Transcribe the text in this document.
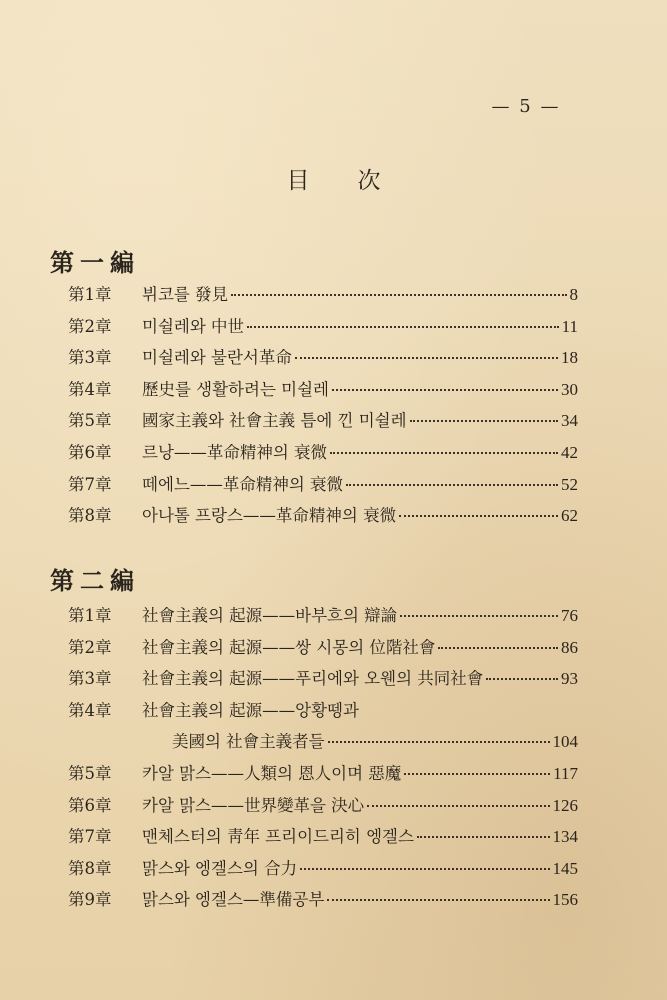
— 5 —
目次
第一編
第1章	뷔코를 發見	8
第2章	미쉴레와 中世	11
第3章	미쉴레와 불란서革命	18
第4章	歷史를 생활하려는 미쉴레	30
第5章	國家主義와 社會主義 틈에 낀 미쉴레	34
第6章	르낭——革命精神의 衰微	42
第7章	떼에느——革命精神의 衰微	52
第8章	아나톨 프랑스——革命精神의 衰微	62
第二編
第1章	社會主義의 起源——바부흐의 辯論	76
第2章	社會主義의 起源——쌍 시몽의 位階社會	86
第3章	社會主義의 起源——푸리에와 오웬의 共同社會	93
第4章	社會主義의 起源——앙황뗑과
美國의 社會主義者들	104
第5章	카알 맑스——人類의 恩人이며 惡魔	117
第6章	카알 맑스——世界變革을 決心	126
第7章	맨체스터의 靑年 프리이드리히 엥겔스	134
第8章	맑스와 엥겔스의 合力	145
第9章	맑스와 엥겔스—準備공부	156
